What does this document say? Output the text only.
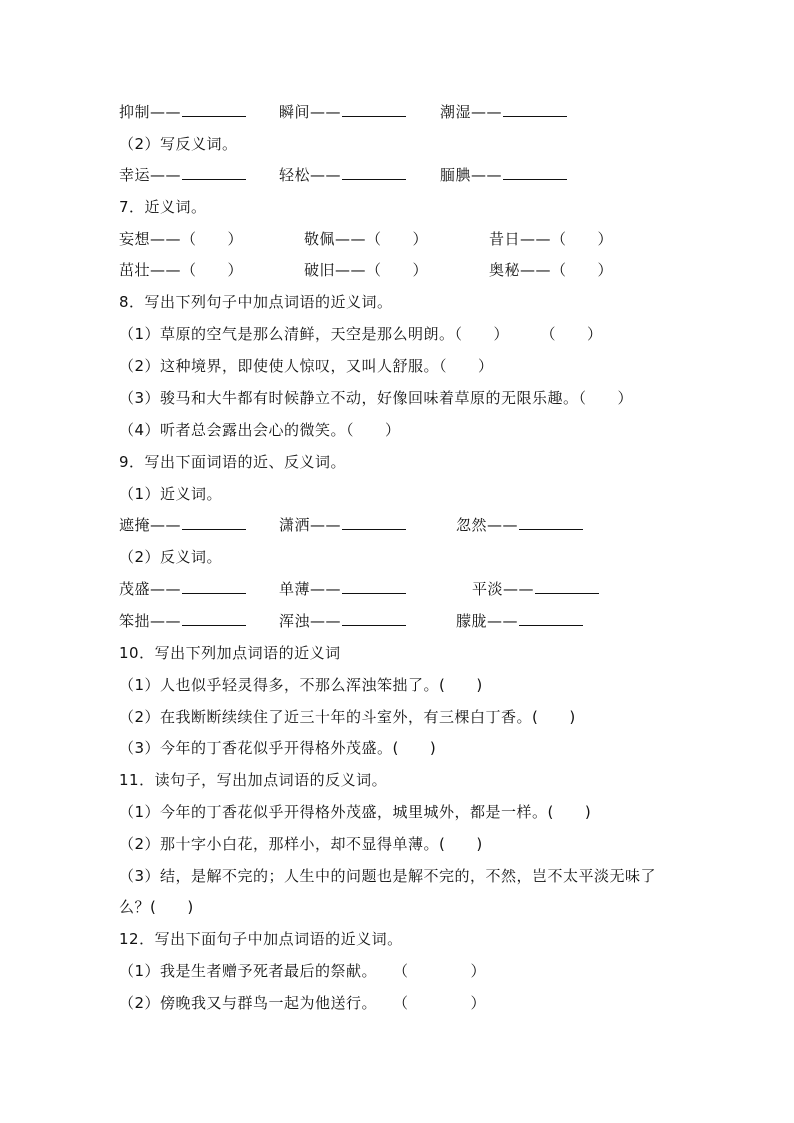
抑制——	瞬间——	潮湿——
（2）写反义词。
幸运——	轻松——	腼腆——
7．近义词。
妄想——（　　）	敬佩——（　　）	昔日——（　　）
茁壮——（　　）	破旧——（　　）	奥秘——（　　）
8．写出下列句子中加点词语的近义词。
（1）草原的空气是那么清鲜，天空是那么明朗。（　　）　　　（　　）
（2）这种境界，即使使人惊叹，又叫人舒服。（　　）
（3）骏马和大牛都有时候静立不动，好像回味着草原的无限乐趣。（　　）
（4）听者总会露出会心的微笑。（　　）
9．写出下面词语的近、反义词。
（1）近义词。
遮掩——	潇洒——	忽然——
（2）反义词。
茂盛——	单薄——	平淡——
笨拙——	浑浊——	朦胧——
10．写出下列加点词语的近义词
（1）人也似乎轻灵得多，不那么浑浊笨拙了。(　　)
（2）在我断断续续住了近三十年的斗室外，有三棵白丁香。(　　)
（3）今年的丁香花似乎开得格外茂盛。(　　)
11．读句子，写出加点词语的反义词。
（1）今年的丁香花似乎开得格外茂盛，城里城外，都是一样。(　　)
（2）那十字小白花，那样小，却不显得单薄。(　　)
（3）结，是解不完的；人生中的问题也是解不完的，不然，岂不太平淡无味了
么？(　　)
12．写出下面句子中加点词语的近义词。
（1）我是生者赠予死者最后的祭献。　　（　　　　）
（2）傍晚我又与群鸟一起为他送行。　　（　　　　）
